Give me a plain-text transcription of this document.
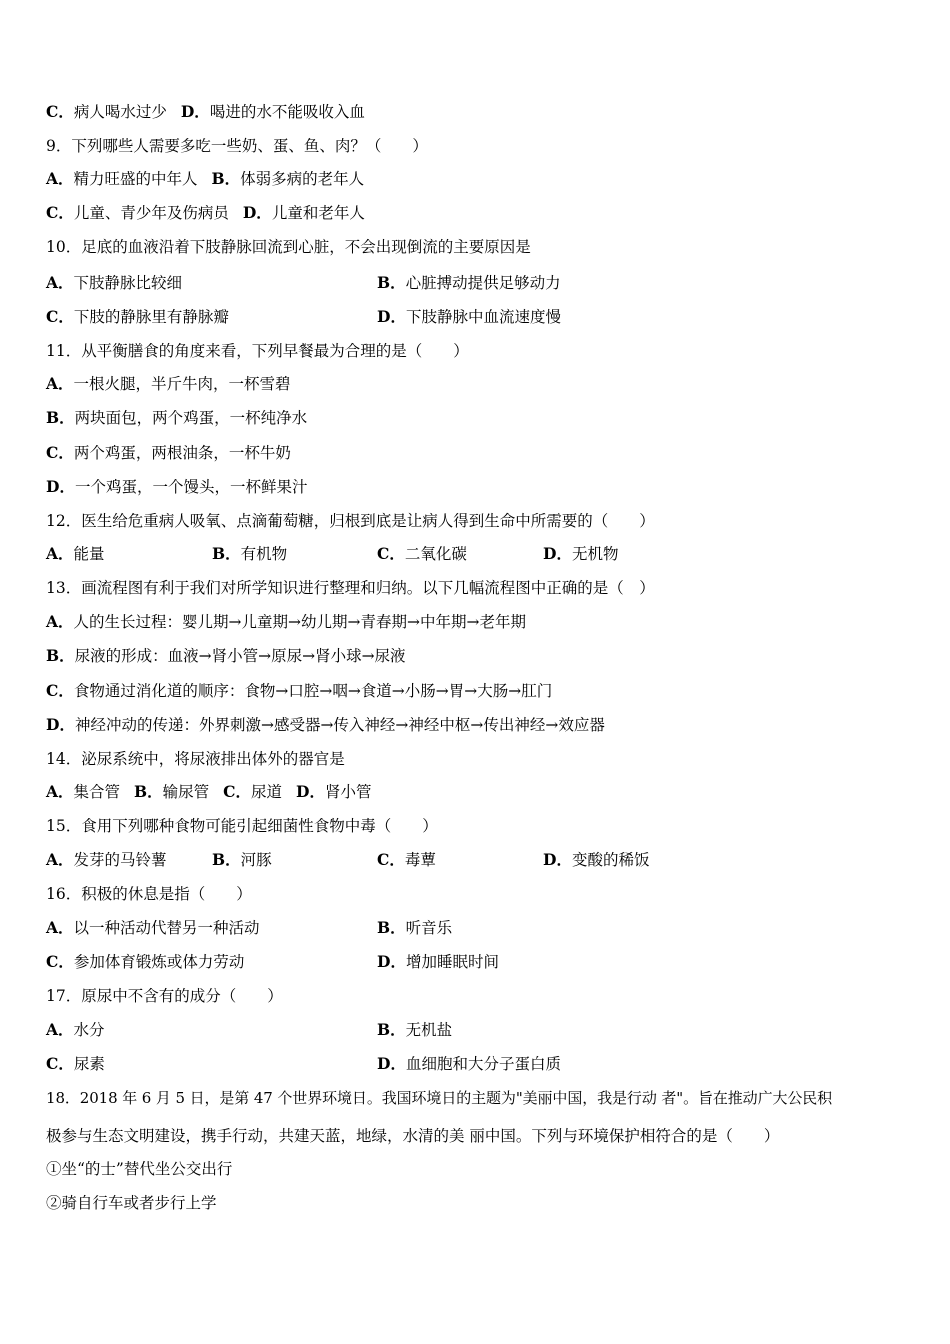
C．病人喝水过少 D．喝进的水不能吸收入血
9．下列哪些人需要多吃一些奶、蛋、鱼、肉？（　　）
A．精力旺盛的中年人 B．体弱多病的老年人
C．儿童、青少年及伤病员 D．儿童和老年人
10．足底的血液沿着下肢静脉回流到心脏，不会出现倒流的主要原因是
A．下肢静脉比较细	B．心脏搏动提供足够动力
C．下肢的静脉里有静脉瓣	D．下肢静脉中血流速度慢
11．从平衡膳食的角度来看，下列早餐最为合理的是（　　）
A．一根火腿，半斤牛肉，一杯雪碧
B．两块面包，两个鸡蛋，一杯纯净水
C．两个鸡蛋，两根油条，一杯牛奶
D．一个鸡蛋，一个馒头，一杯鲜果汁
12．医生给危重病人吸氧、点滴葡萄糖，归根到底是让病人得到生命中所需要的（　　）
A．能量	B．有机物	C．二氧化碳	D．无机物
13．画流程图有利于我们对所学知识进行整理和归纳。以下几幅流程图中正确的是（　）
A．人的生长过程：婴儿期→儿童期→幼儿期→青春期→中年期→老年期
B．尿液的形成：血液→肾小管→原尿→肾小球→尿液
C．食物通过消化道的顺序：食物→口腔→咽→食道→小肠→胃→大肠→肛门
D．神经冲动的传递：外界刺激→感受器→传入神经→神经中枢→传出神经→效应器
14．泌尿系统中，将尿液排出体外的器官是
A．集合管 B．输尿管 C．尿道 D．肾小管
15．食用下列哪种食物可能引起细菌性食物中毒（　　）
A．发芽的马铃薯	B．河豚	C．毒蕈	D．变酸的稀饭
16．积极的休息是指（　　）
A．以一种活动代替另一种活动	B．听音乐
C．参加体育锻炼或体力劳动	D．增加睡眠时间
17．原尿中不含有的成分（　　）
A．水分	B．无机盐
C．尿素	D．血细胞和大分子蛋白质
18．2018 年 6 月 5 日，是第 47 个世界环境日。我国环境日的主题为"美丽中国，我是行动 者"。旨在推动广大公民积
极参与生态文明建设，携手行动，共建天蓝，地绿，水清的美 丽中国。下列与环境保护相符合的是（　　）
①坐“的士”替代坐公交出行
②骑自行车或者步行上学
